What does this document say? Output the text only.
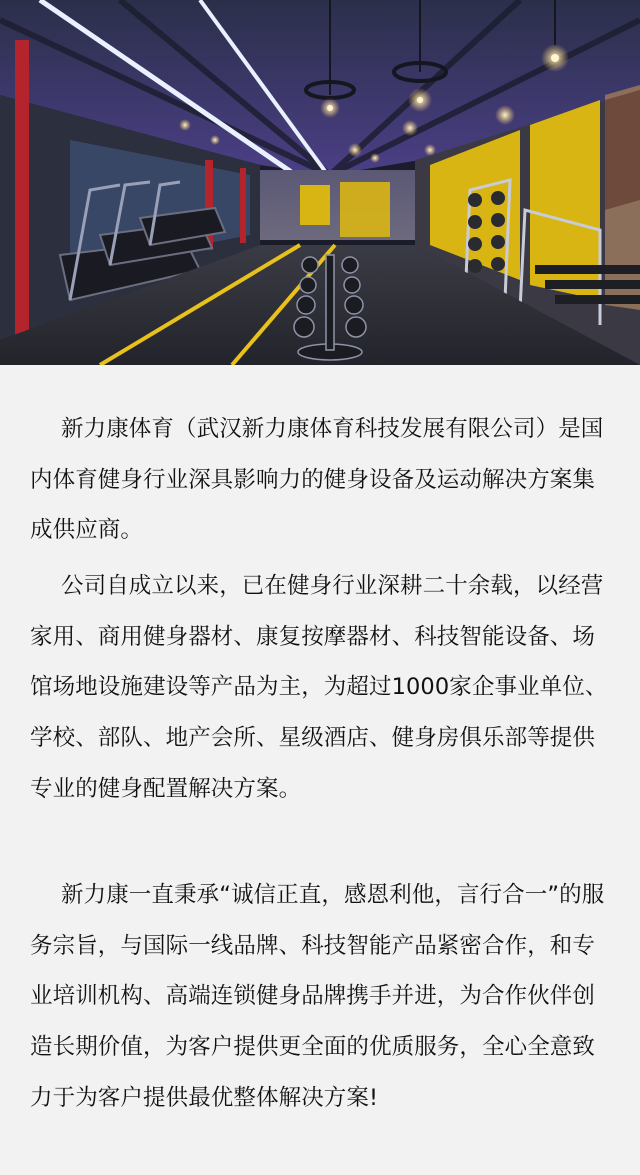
新力康体育（武汉新力康体育科技发展有限公司）是国内体育健身行业深具影响力的健身设备及运动解决方案集成供应商。

公司自成立以来，已在健身行业深耕二十余载，以经营家用、商用健身器材、康复按摩器材、科技智能设备、场馆场地设施建设等产品为主，为超过1000家企事业单位、学校、部队、地产会所、星级酒店、健身房俱乐部等提供专业的健身配置解决方案。

新力康一直秉承“诚信正直，感恩利他，言行合一”的服务宗旨，与国际一线品牌、科技智能产品紧密合作，和专业培训机构、高端连锁健身品牌携手并进，为合作伙伴创造长期价值，为客户提供更全面的优质服务，全心全意致力于为客户提供最优整体解决方案!
